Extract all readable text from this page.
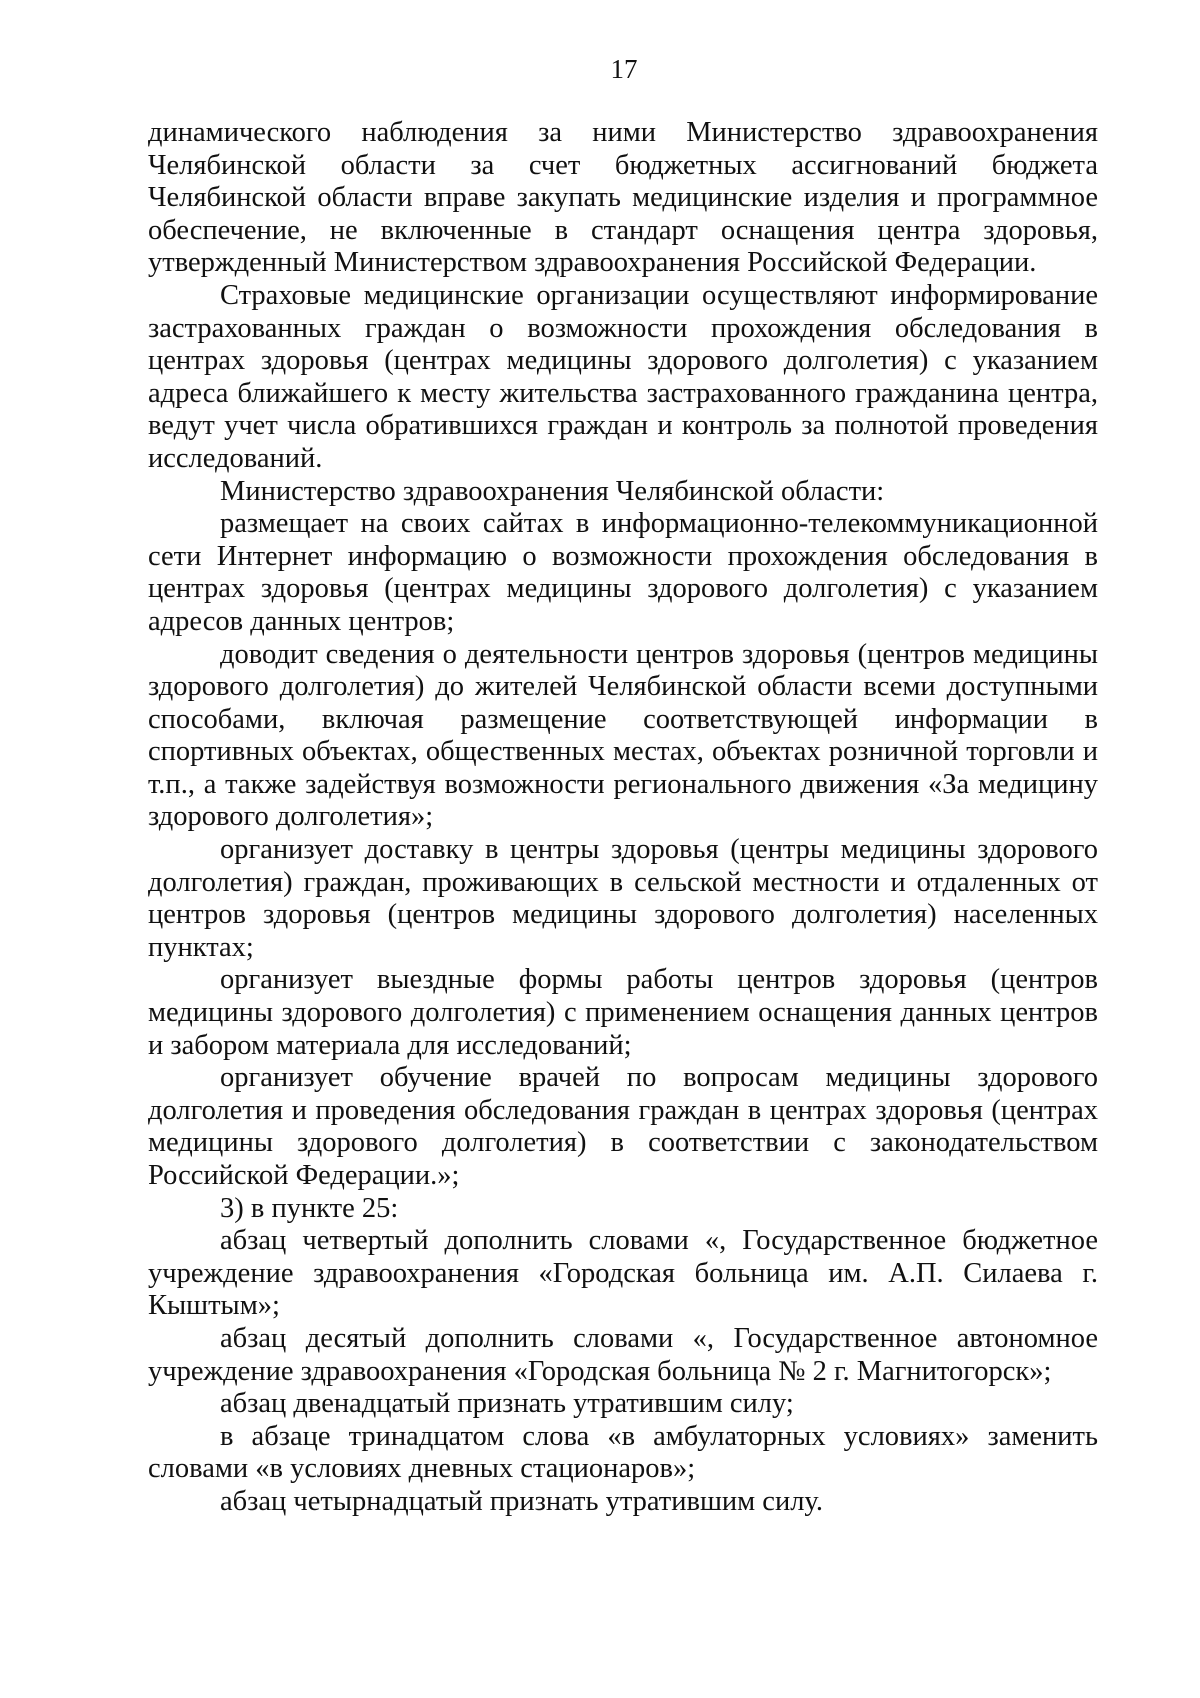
17

динамического наблюдения за ними Министерство здравоохранения Челябинской области за счет бюджетных ассигнований бюджета Челябинской области вправе закупать медицинские изделия и программное обеспечение, не включенные в стандарт оснащения центра здоровья, утвержденный Министерством здравоохранения Российской Федерации.

Страховые медицинские организации осуществляют информирование застрахованных граждан о возможности прохождения обследования в центрах здоровья (центрах медицины здорового долголетия) с указанием адреса ближайшего к месту жительства застрахованного гражданина центра, ведут учет числа обратившихся граждан и контроль за полнотой проведения исследований.

Министерство здравоохранения Челябинской области:

размещает на своих сайтах в информационно-телекоммуникационной сети Интернет информацию о возможности прохождения обследования в центрах здоровья (центрах медицины здорового долголетия) с указанием адресов данных центров;

доводит сведения о деятельности центров здоровья (центров медицины здорового долголетия) до жителей Челябинской области всеми доступными способами, включая размещение соответствующей информации в спортивных объектах, общественных местах, объектах розничной торговли и т.п., а также задействуя возможности регионального движения «За медицину здорового долголетия»;

организует доставку в центры здоровья (центры медицины здорового долголетия) граждан, проживающих в сельской местности и отдаленных от центров здоровья (центров медицины здорового долголетия) населенных пунктах;

организует выездные формы работы центров здоровья (центров медицины здорового долголетия) с применением оснащения данных центров и забором материала для исследований;

организует обучение врачей по вопросам медицины здорового долголетия и проведения обследования граждан в центрах здоровья (центрах медицины здорового долголетия) в соответствии с законодательством Российской Федерации.»;

3) в пункте 25:

абзац четвертый дополнить словами «, Государственное бюджетное учреждение здравоохранения «Городская больница им. А.П. Силаева г. Кыштым»;

абзац десятый дополнить словами «, Государственное автономное учреждение здравоохранения «Городская больница № 2 г. Магнитогорск»;

абзац двенадцатый признать утратившим силу;

в абзаце тринадцатом слова «в амбулаторных условиях» заменить словами «в условиях дневных стационаров»;

абзац четырнадцатый признать утратившим силу.
